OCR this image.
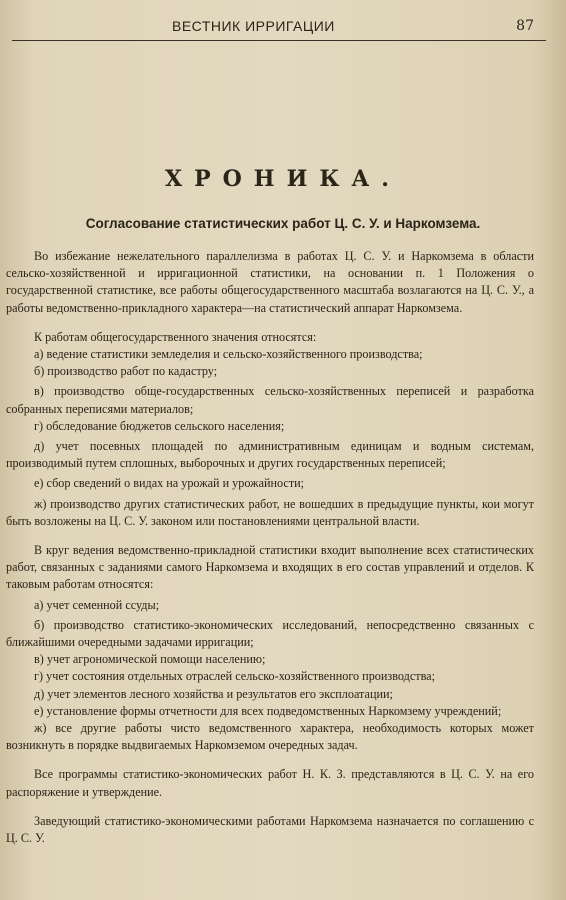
ВЕСТНИК ИРРИГАЦИИ	87
ХРОНИКА.
Согласование статистических работ Ц. С. У. и Наркомзема.

Во избежание нежелательного параллелизма в работах Ц. С. У. и Наркомзема в области сельско-хозяйственной и ирригационной статистики, на основании п. 1 Положения о государственной статистике, все работы общегосударственного масштаба возлагаются на Ц. С. У., а работы ведомственно-прикладного характера—на статистический аппарат Наркомзема.

К работам общегосударственного значения относятся:

а) ведение статистики земледелия и сельско-хозяйственного производства;

б) производство работ по кадастру;

в) производство обще-государственных сельско-хозяйственных переписей и разработка собранных переписями материалов;

г) обследование бюджетов сельского населения;

д) учет посевных площадей по административным единицам и водным системам, производимый путем сплошных, выборочных и других государственных переписей;

е) сбор сведений о видах на урожай и урожайности;

ж) производство других статистических работ, не вошедших в предыдущие пункты, кои могут быть возложены на Ц. С. У. законом или постановлениями центральной власти.

В круг ведения ведомственно-прикладной статистики входит выполнение всех статистических работ, связанных с заданиями самого Наркомзема и входящих в его состав управлений и отделов. К таковым работам относятся:

а) учет семенной ссуды;

б) производство статистико-экономических исследований, непосредственно связанных с ближайшими очередными задачами ирригации;

в) учет агрономической помощи населению;

г) учет состояния отдельных отраслей сельско-хозяйственного производства;

д) учет элементов лесного хозяйства и результатов его эксплоатации;

е) установление формы отчетности для всех подведомственных Наркомзему учреждений;

ж) все другие работы чисто ведомственного характера, необходимость которых может возникнуть в порядке выдвигаемых Наркомземом очередных задач.

Все программы статистико-экономических работ Н. К. З. представляются в Ц. С. У. на его распоряжение и утверждение.

Заведующий статистико-экономическими работами Наркомзема назначается по соглашению с Ц. С. У.
